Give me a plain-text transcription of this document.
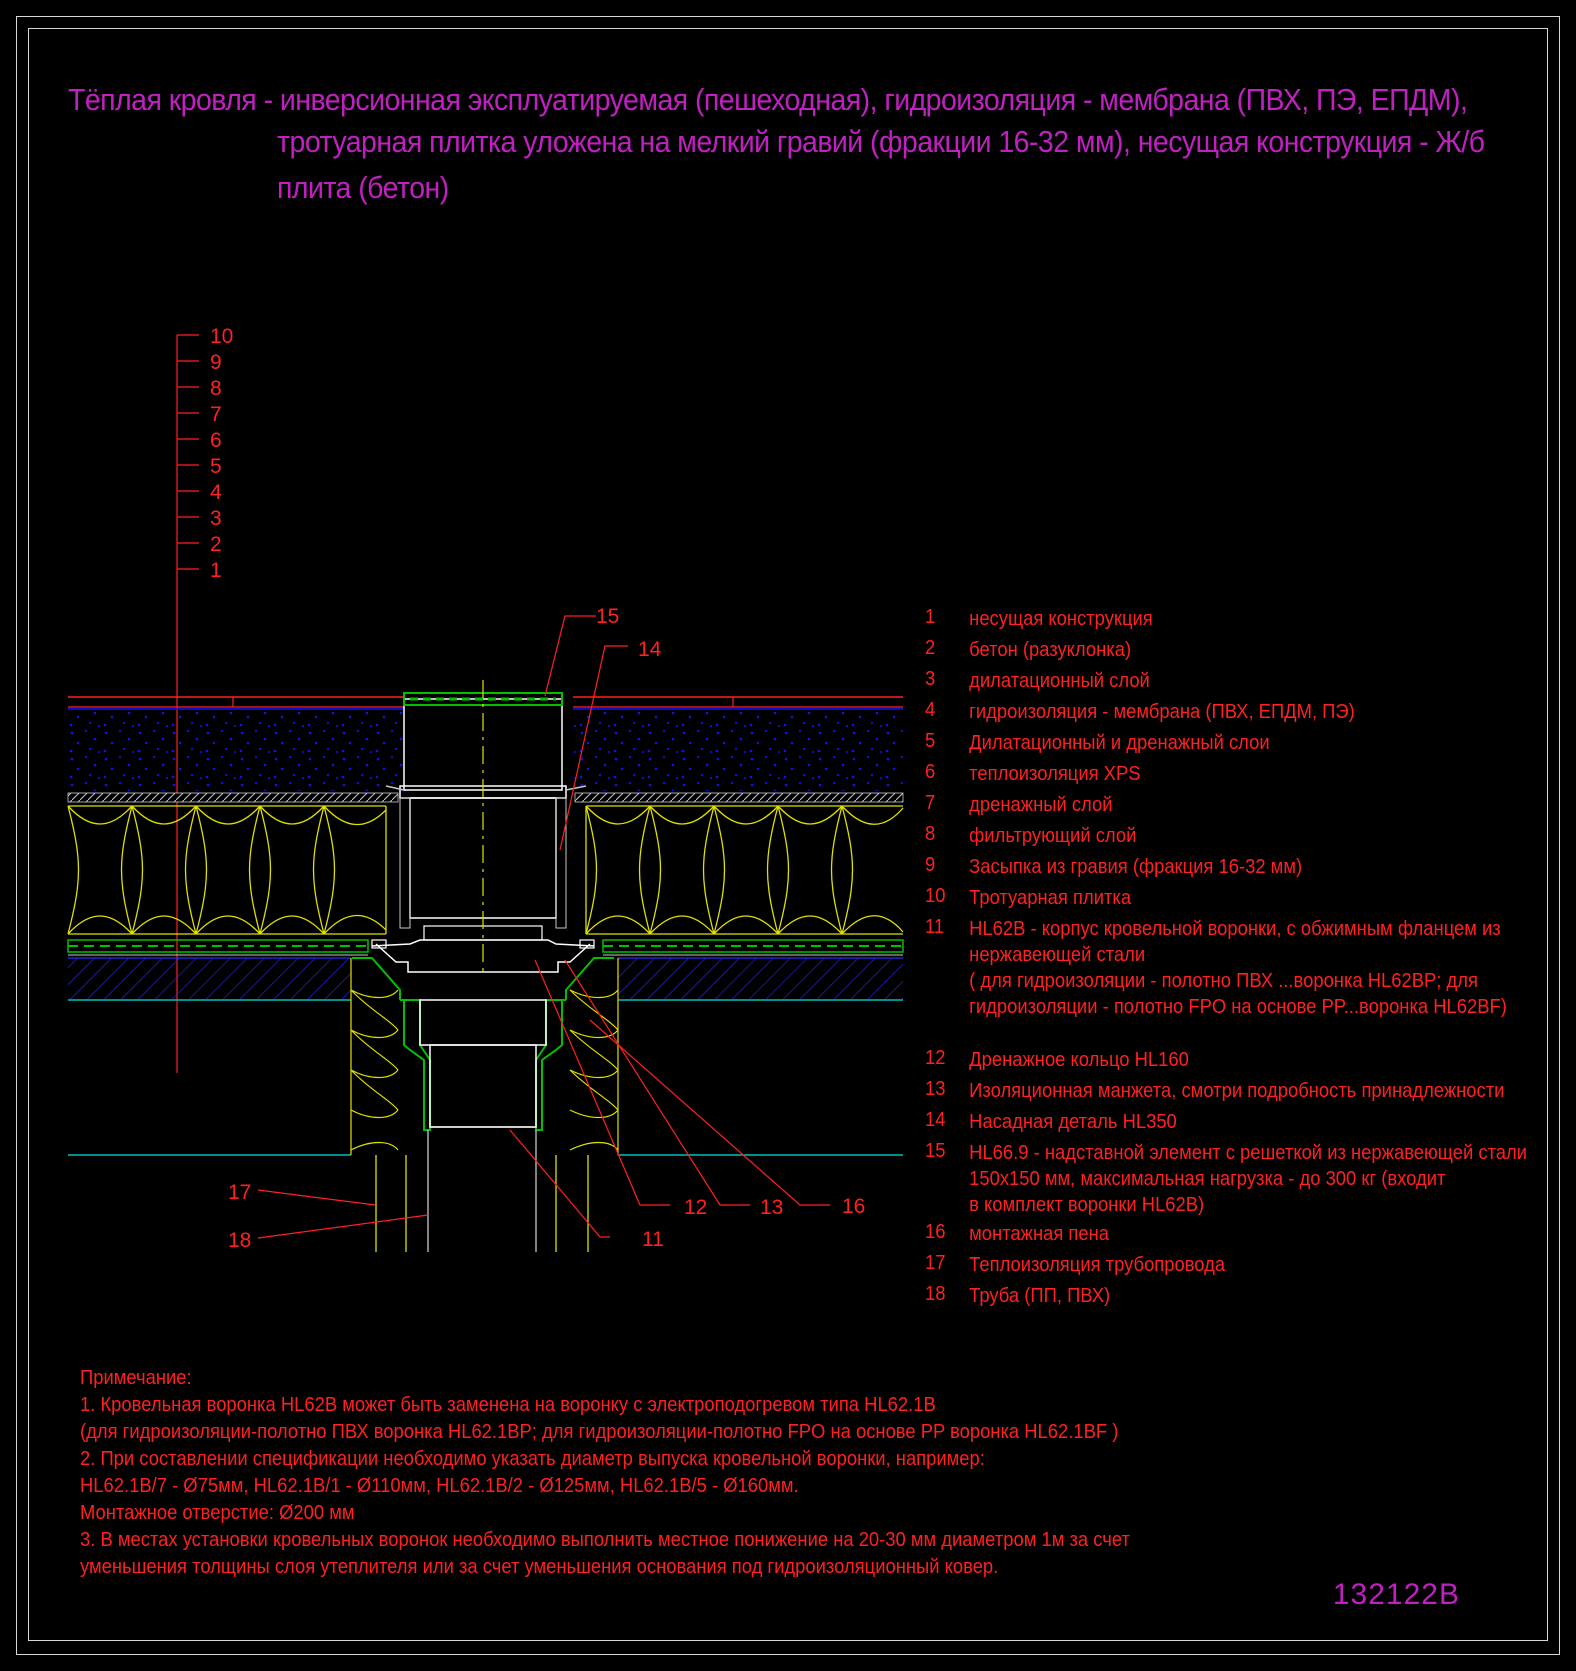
Тёплая кровля - инверсионная эксплуатируемая (пешеходная), гидроизоляция - мембрана (ПВХ, ПЭ, ЕПДМ),
тротуарная плитка уложена на мелкий гравий (фракции 16-32 мм), несущая конструкция - Ж/б
плита (бетон)
10
9
8
7
6
5
4
3
2
1
15
14
12	13	16
11
17
18
1	несущая конструкция
2	бетон (разуклонка)
3	дилатационный слой
4	гидроизоляция - мембрана (ПВХ, ЕПДМ, ПЭ)
5	Дилатационный и дренажный слои
6	теплоизоляция XPS
7	дренажный слой
8	фильтрующий слой
9	Засыпка из гравия (фракция 16-32 мм)
10	Тротуарная плитка
11	HL62B - корпус кровельной воронки, с обжимным фланцем из
нержавеющей стали
( для гидроизоляции - полотно ПВХ ...воронка HL62BP; для
гидроизоляции - полотно FPO на основе PP...воронка HL62BF)
12	Дренажное кольцо HL160
13	Изоляционная манжета, смотри подробность принадлежности
14	Насадная деталь HL350
15	HL66.9 - надставной элемент с решеткой из нержавеющей стали
150x150 мм, максимальная нагрузка - до 300 кг (входит
в комплект воронки HL62B)
16	монтажная пена
17	Теплоизоляция трубопровода
18	Труба (ПП, ПВХ)
Примечание:
1. Кровельная воронка HL62B может быть заменена на воронку с электроподогревом типа HL62.1B
(для гидроизоляции-полотно ПВХ воронка HL62.1BP; для гидроизоляции-полотно FPO на основе PP воронка HL62.1BF )
2. При составлении спецификации необходимо указать диаметр выпуска кровельной воронки, например:
HL62.1B/7 - Ø75мм, HL62.1B/1 - Ø110мм, HL62.1B/2 - Ø125мм, HL62.1B/5 - Ø160мм.
Монтажное отверстие: Ø200 мм
3. В местах установки кровельных воронок необходимо выполнить местное понижение на 20-30 мм диаметром 1м за счет
уменьшения толщины слоя утеплителя или за счет уменьшения основания под гидроизоляционный ковер.
132122B
